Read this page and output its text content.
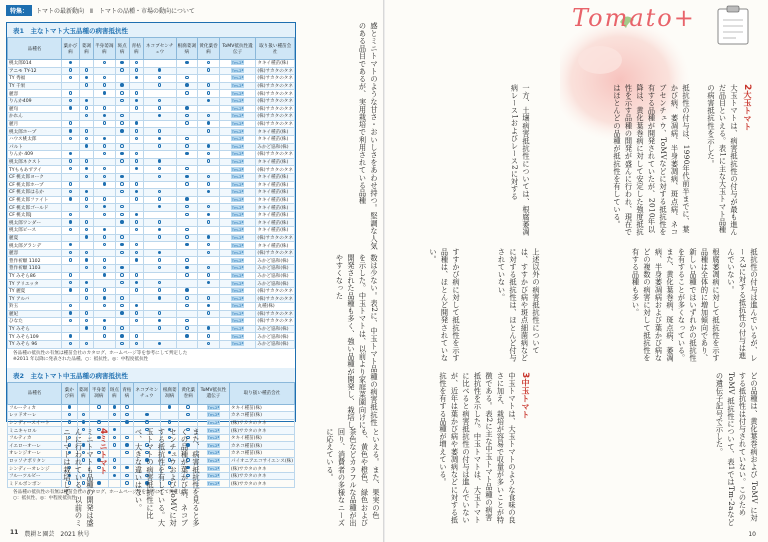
特集：	トマトの最新動向　Ⅱ　トマトの品種・市場の動向について
表1　主なトマト大玉品種の病害抵抗性
品種名	葉かび病	萎凋病	半身萎凋病	斑点病	青枯病	ネコブセンチュウ	根腐萎凋病	黄化葉巻病	ToMV抵抗性遺伝子	取り扱い種苗会社
桃太郎014									Tm-2ª	タキイ種苗(株)
アニモ TY-12									Tm-2ª	(株)サカタのタネ
TY 秀福									Tm-2ª	(株)サカタのタネ
TY 千果									Tm-2ª	(株)サカタのタネ
麗容									Tm-2ª	(株)サカタのタネ
りんか409									Tm-2ª	(株)サカタのタネ
麗旬									Tm-2ª	(株)サカタのタネ
かれん									Tm-2ª	(株)サカタのタネ
麗月									Tm-2ª	(株)サカタのタネ
桃太郎ホープ									Tm-2ª	タキイ種苗(株)
ハウス桃太郎									Tm-2ª	タキイ種苗(株)
パルト									Tm-2ª	みかど協和(株)
りんか 409									Tm-2ª	(株)サカタのタネ
桃太郎ネクスト									Tm-2ª	タキイ種苗(株)
TYももあずアイ									Tm-2ª	(株)サカタのタネ
CF 桃太郎ヨーク									Tm-2ª	タキイ種苗(株)
CF 桃太郎ホープ									Tm-2ª	タキイ種苗(株)
CF 桃太郎はるか									Tm-2ª	タキイ種苗(株)
CF 桃太郎ファイト									Tm-2ª	タキイ種苗(株)
CF 桃太郎ゴールド									Tm-2ª	タキイ種苗(株)
CF 桃太郎J									Tm-2ª	タキイ種苗(株)
桃太郎ワンダー									Tm-2ª	タキイ種苗(株)
桃太郎ピース									Tm-2ª	タキイ種苗(株)
麗夏									Tm-2ª	(株)サカタのタネ
桃太郎グランデ									Tm-2ª	タキイ種苗(株)
麗容									Tm-2ª	(株)サカタのタネ
豊作祈願 1102									Tm-2ª	みかど協和(株)
豊作祈願 1103									Tm-2ª	みかど協和(株)
TY みそら86									Tm-2ª	みかど協和(株)
TY アリエッタ									Tm-2ª	みかど協和(株)
TY 麗夏									Tm-2ª	(株)サカタのタネ
TY アルバ									Tm-2ª	(株)サカタのタネ
鈴玉									Tm-2ª	丸種(株)
麗妃									Tm-2ª	(株)サカタのタネ
ひなた									Tm-2ª	(株)サカタのタネ
TY みそら									Tm-2ª	みかど協和(株)
TY みそら109									Tm-2ª	みかど協和(株)
TY みそら 96									Tm-2ª	みかど協和(株)
各品種の抵抗性の有無は種苗会社のカタログ、ホームページ等を参考にして判定した
※2011 年以降に発表された品種。○：抵抗性、◎：中程度抵抗性
表2　主なトマト中玉品種の病害抵抗性
品種名	葉かび病	萎凋病	半身萎凋病	斑点病	青枯病	ネコブセンチュウ	根腐萎凋病	黄化葉巻病	ToMV抵抗性遺伝子	取り扱い種苗会社
フルーティカ									Tm-2ª	タキイ種苗(株)
レッドオーレ									Tm-2ª	カネコ種苗(株)
シンディースイート									Tm-2ª	(株)サカタのタネ
ミニキャロル									Tm-2ª	(株)サカタのタネ
フルティカ									Tm-2ª	タキイ種苗(株)
イエローオーレ									Tm-2ª	カネコ種苗(株)
オレンジオーレ									Tm-2ª	カネコ種苗(株)
ロッソナポリタン									Tm-2ª	パイオニアエコサイエンス(株)
シンディーオレンジ									Tm-2ª	(株)サカタのタネ
フルーツルビー									Tm-2ª	(株)サカタのタネ
ミドルボンボン									Tm-2ª	(株)サカタのタネ
各品種の抵抗性の有無は種苗会社のカタログ、ホームページ等を参考にして判定した
○：抵抗性、◎：中程度抵抗性
感とミニトマトのような甘さ・おいしさをあわせ持つ。堅調な人気のある品目であるが、実用栽培で利用されている品種
数は少ない。表2に、中玉トマト品種の病害抵抗性を示した。中玉トマトは、以前より家庭菜園向けに開発された品種も多く、強い品種が開発し、栽培しやすくなった
といえる。また、果実の色も、黄色や橙色、緑色および茶色などカラフルな品種が出回り、消費者の多様なニーズに応えている。
また、病害抵抗性を見ると多くの品種が葉かび病、ネコブセンチュウおよびToMVに対する抵抗性を有している。大玉トマトの病害抵抗性に比べ、大きな違いはない。
4ミニトマト
ミニトマトも品種の開発は盛んに行われている。以前のミニトマトは栽培して
11 農耕と園芸 2021 秋号
Tomato+
2大玉トマト
大玉トマトは、病害抵抗性の付与が最も進んだ品目といえる。表1に主な大玉トマト品種の病害抵抗性を示した。
抵抗性の付与は、1990年代前半までに、葉かび病、萎凋病、半身萎凋病、斑点病、ネコブセンチュウ、ToMVなどに対する抵抗性を有する品種が開発されていたが、2010年以降は、黄化葉巻病に対して安定した強度抵抗性を示す品種の開発が盛んに行われ、現在ではほとんどの品種が抵抗性を有している。
一方、土壌病害抵抗性については、根腐萎凋病レース1およびレース2に対する
抵抗性の付与は進んでいるが、レース3に対する抵抗性の付与は進んでいない。
根腐萎凋病に対して抵抗性を示す品種は全体的に増加傾向であり、新しい品種ではいずれかの抵抗性を有することが多くなっている。また、黄化葉巻病、斑点病、萎凋病、半身萎凋病および葉かび病などの複数の病害に対して抵抗性を有する品種も多い。
上述以外の病害抵抗性については、すすかび病や斑点細菌病などに対する抵抗性は、ほとんど付与されていない。
すすかび病に対して抵抗性を示す品種は、ほとんど開発されていない。
どの品種は、黄化葉巻病および ToMV に対する抵抗性は付与されていない。このため ToMV 抵抗性について、表1ではTm-2aなどの遺伝子記号で示した。
3中玉トマト
中玉トマトは、大玉トマトのような食味の良さに加え、栽培が容易で収量が多いことが特徴である。表2に主な中玉トマト品種の病害抵抗性を示した。中玉トマトは、大玉トマトに比べると病害抵抗性の付与は進んでいないが、近年は葉かび病や萎凋病などに対する抵抗性を有する品種が増えている。
10
